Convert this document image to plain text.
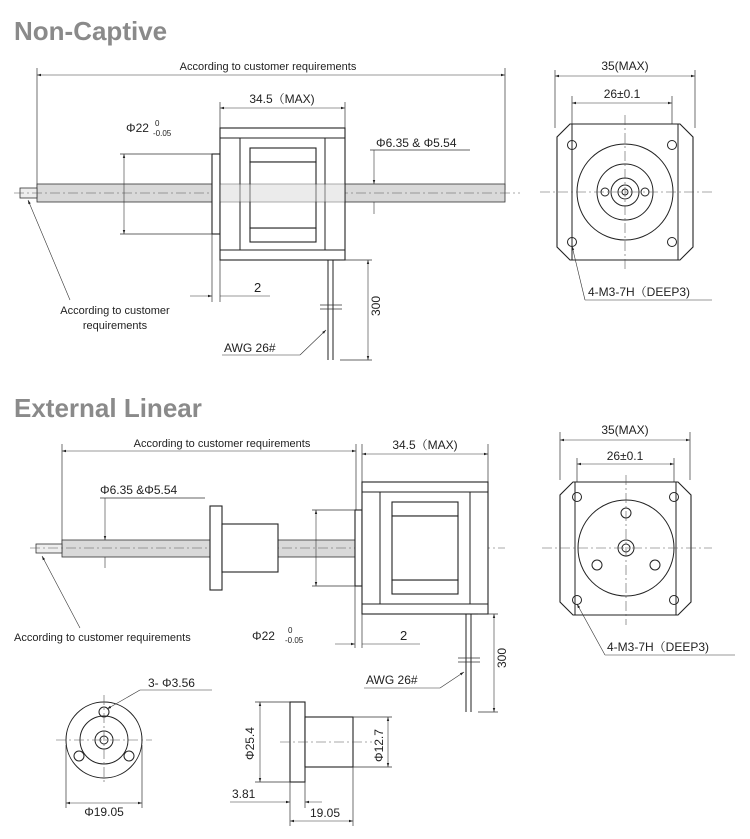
Non-Captive
According to customer requirements
34.5（MAX)
Φ22 0
-0.05
Φ6.35 & Φ5.54
According to customer
requirements
2
300
AWG 26#
35(MAX)
26±0.1
4-M3-7H（DEEP3)
External Linear
According to customer requirements	34.5（MAX)
Φ6.35 &Φ5.54
According to customer requirements	Φ22 0
-0.05	2
300
AWG 26#
35(MAX)
26±0.1
4-M3-7H（DEEP3)
3- Φ3.56
Φ19.05
Φ25.4	Φ12.7
3.81
19.05
